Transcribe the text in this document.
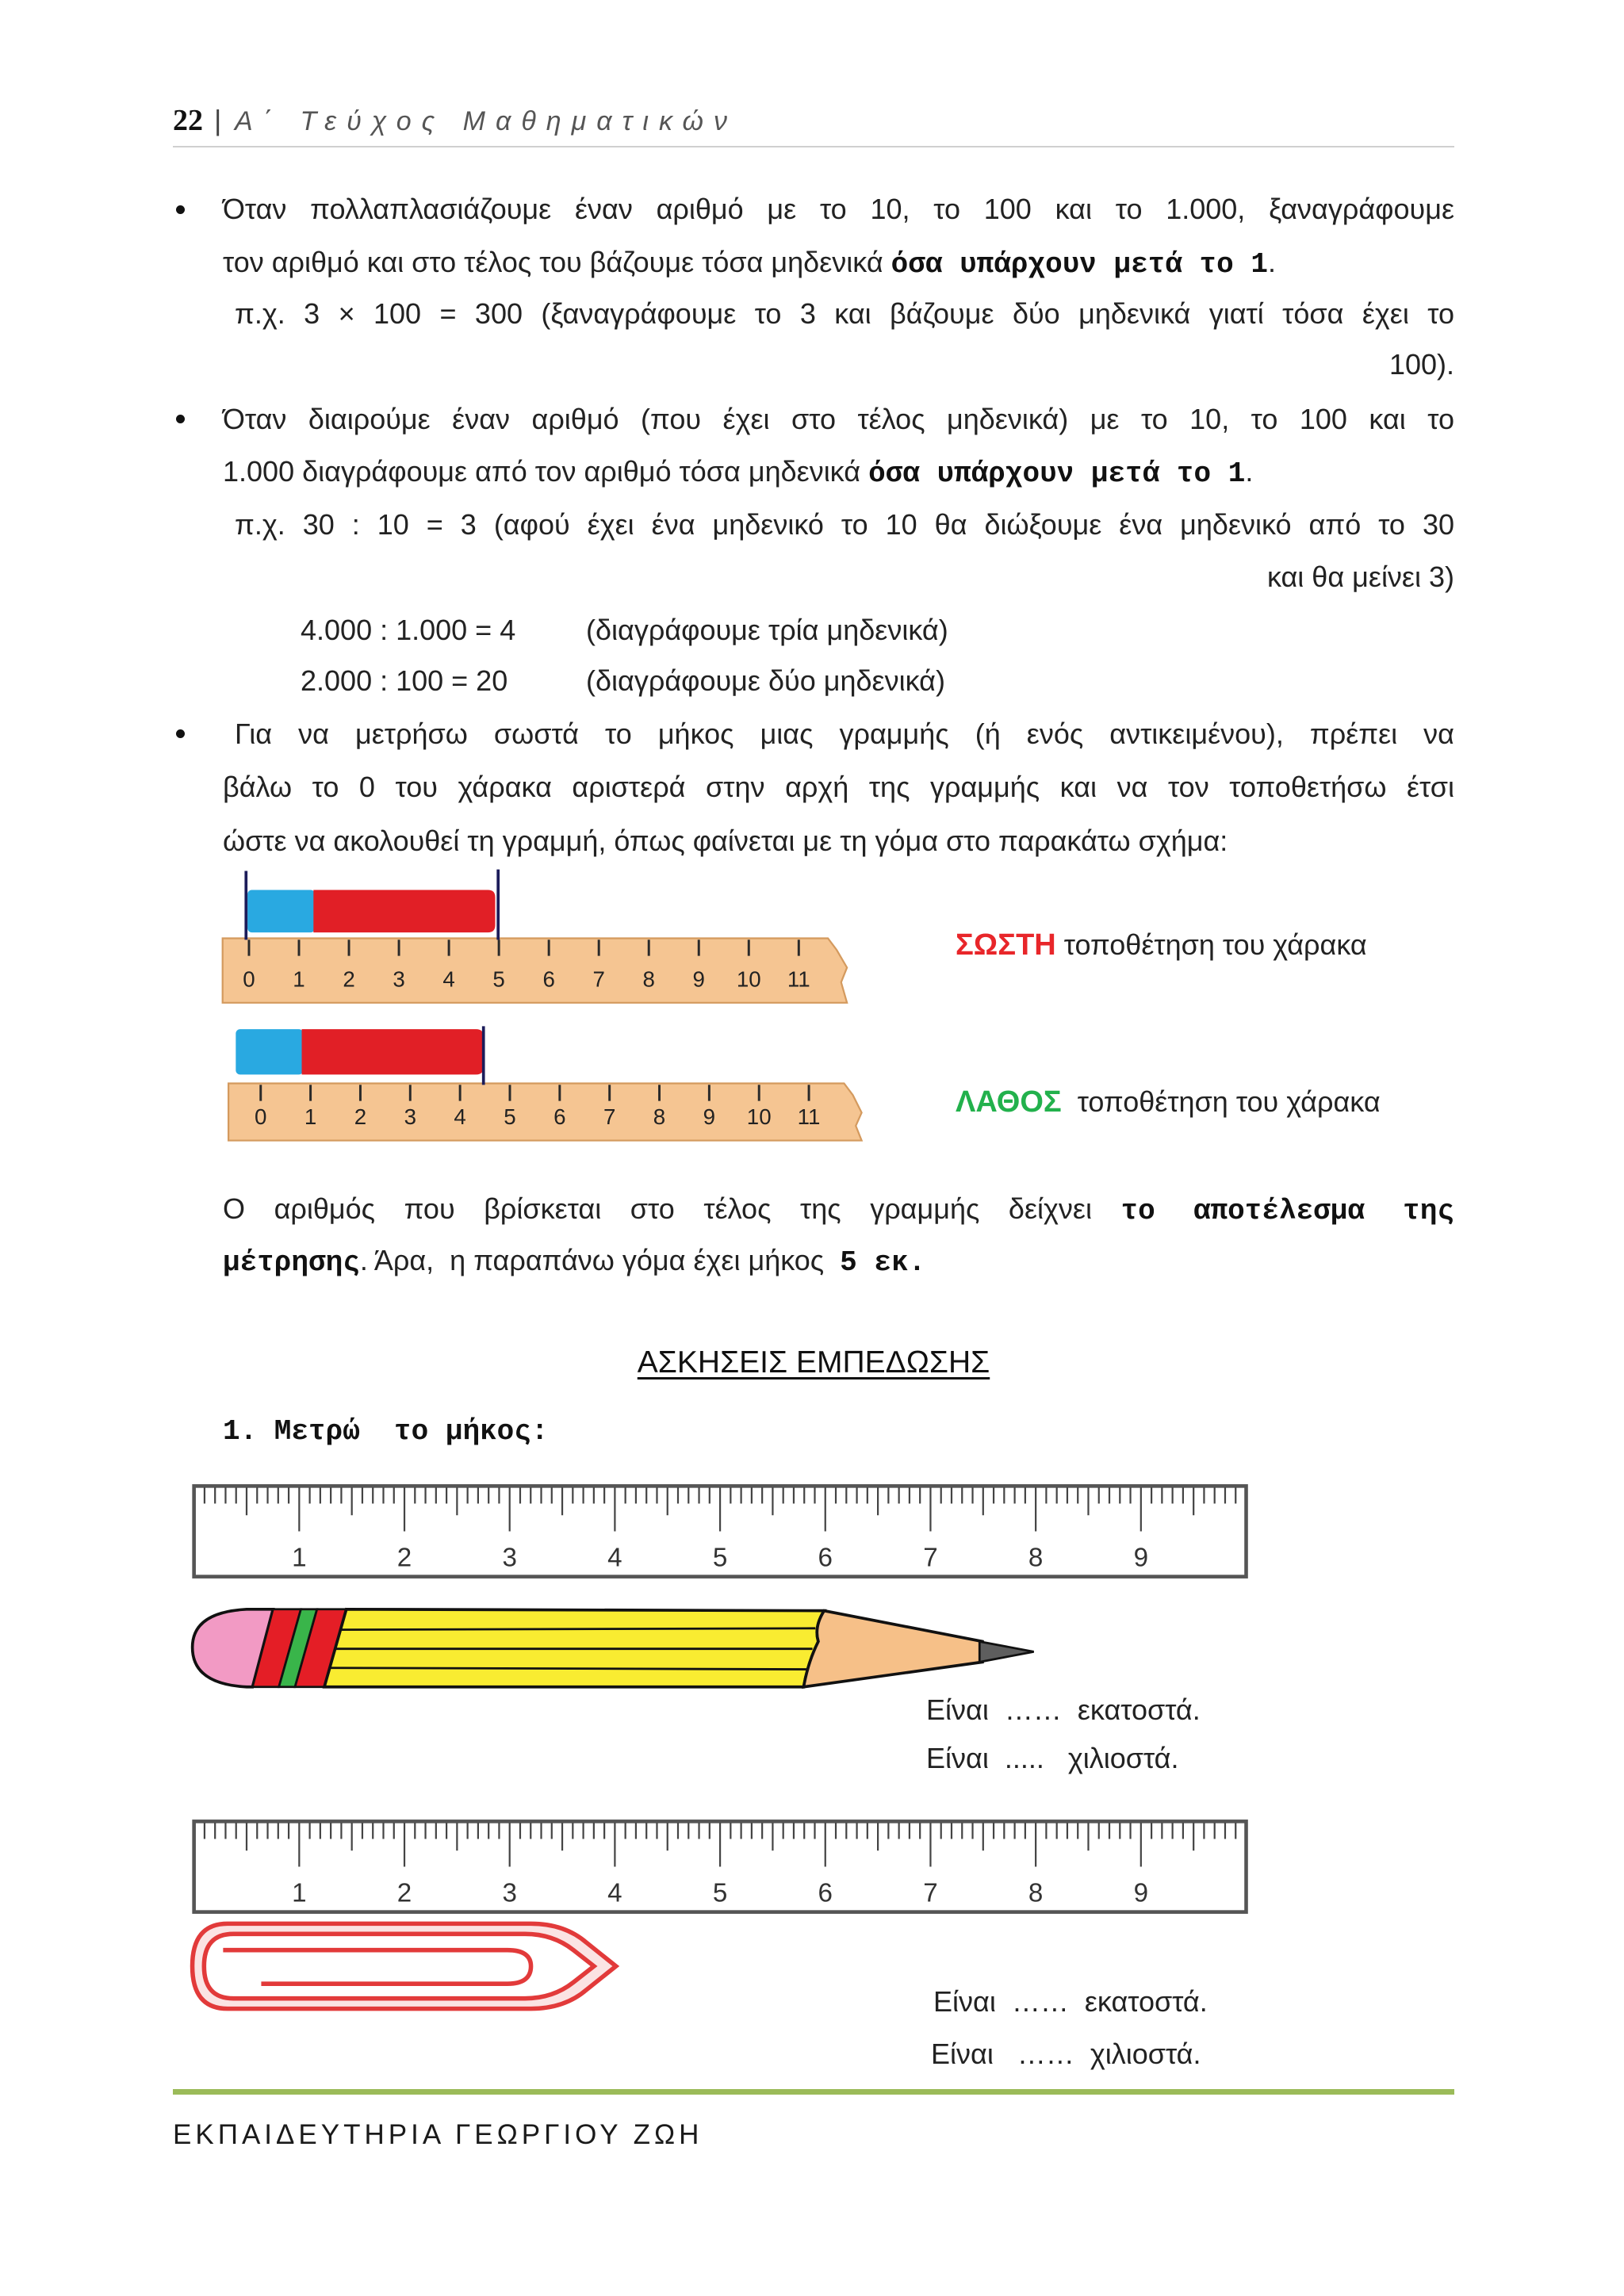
22 | Α΄ Τεύχος Μαθηματικών
Όταν πολλαπλασιάζουμε έναν αριθμό με το 10, το 100 και το 1.000, ξαναγράφουμε
τον αριθμό και στο τέλος του βάζουμε τόσα μηδενικά όσα υπάρχουν μετά το 1.
π.χ. 3 × 100 = 300 (ξαναγράφουμε το 3 και βάζουμε δύο μηδενικά γιατί τόσα έχει το
100).
Όταν διαιρούμε έναν αριθμό (που έχει στο τέλος μηδενικά) με το 10, το 100 και το
1.000 διαγράφουμε από τον αριθμό τόσα μηδενικά όσα υπάρχουν μετά το 1.
π.χ. 30 : 10 = 3 (αφού έχει ένα μηδενικό το 10 θα διώξουμε ένα μηδενικό από το 30
και θα μείνει 3)
4.000 : 1.000 = 4 (διαγράφουμε τρία μηδενικά)
2.000 : 100 = 20	(διαγράφουμε δύο μηδενικά)
Για να μετρήσω σωστά το μήκος μιας γραμμής (ή ενός αντικειμένου), πρέπει να
βάλω το 0 του χάρακα αριστερά στην αρχή της γραμμής και να τον τοποθετήσω έτσι
ώστε να ακολουθεί τη γραμμή, όπως φαίνεται με τη γόμα στο παρακάτω σχήμα:
0	1	2	3	4	5	6	7	8	9	10 11
0	1	2	3	4	5	6	7	8	9	10 11
ΣΩΣΤΗ τοποθέτηση του χάρακα
ΛΑΘΟΣ  τοποθέτηση του χάρακα
Ο αριθμός που βρίσκεται στο τέλος της γραμμής δείχνει το αποτέλεσμα της
μέτρησης. Άρα,  η παραπάνω γόμα έχει μήκος  5 εκ.
ΑΣΚΗΣΕΙΣ ΕΜΠΕΔΩΣΗΣ
1. Μετρώ  το μήκος:
1	2	3	4	5	6	7	8	9
Είναι  ……  εκατοστά.
Είναι  .....   χιλιοστά.
1	2	3	4	5	6	7	8	9
Είναι  ……  εκατοστά.
Είναι   ……  χιλιοστά.
ΕΚΠΑΙΔΕΥΤΗΡΙΑ ΓΕΩΡΓΙΟΥ ΖΩΗ
